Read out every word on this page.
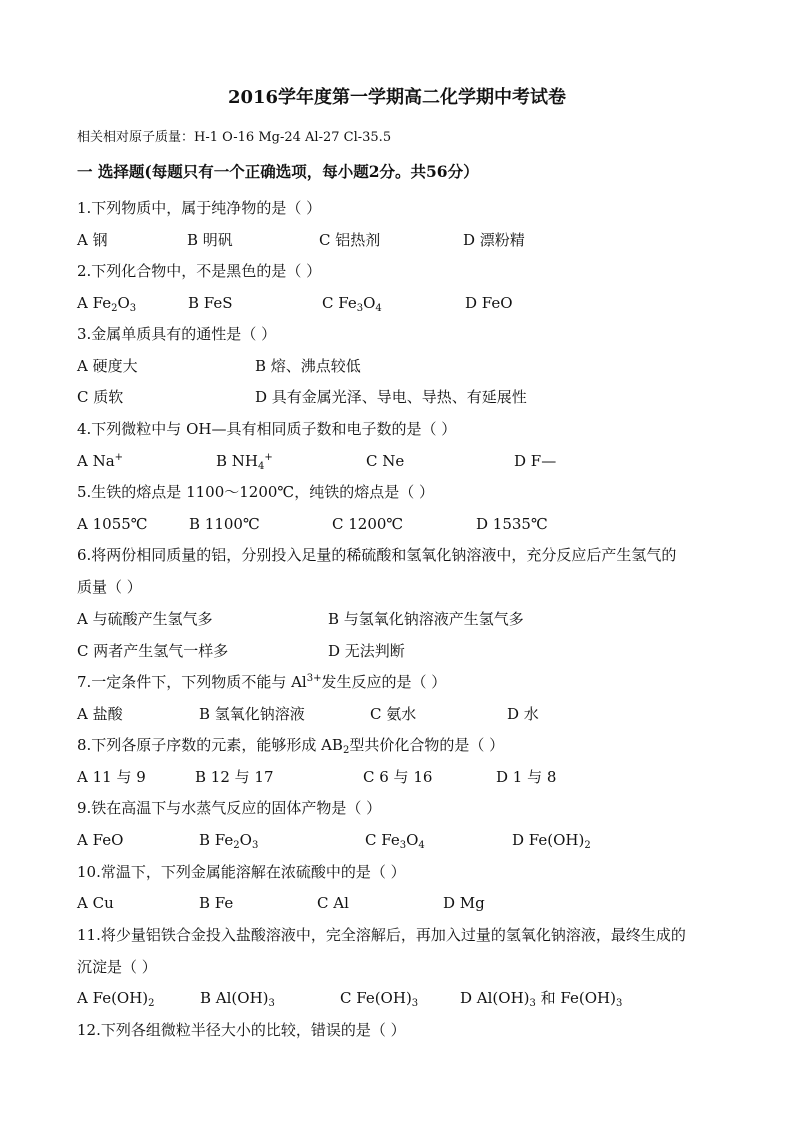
2016学年度第一学期高二化学期中考试卷
相关相对原子质量：H-1 O-16 Mg-24 Al-27 Cl-35.5
一 选择题(每题只有一个正确选项，每小题2分。共56分）
1.下列物质中，属于纯净物的是（ ）
A 钢	B 明矾	C 铝热剂	D 漂粉精
2.下列化合物中，不是黑色的是（ ）
A $Fe_2O_3$	B FeS	C $Fe_3O_4$	D FeO
3.金属单质具有的通性是（ ）
A 硬度大	B 熔、沸点较低
C 质软	D 具有金属光泽、导电、导热、有延展性
4.下列微粒中与 OH—具有相同质子数和电子数的是（ ）
A Na+	B $NH_4^+$	C Ne	D F—
5.生铁的熔点是 1100～1200℃，纯铁的熔点是（ ）
A 1055℃	B 1100℃	C 1200℃	D 1535℃
6.将两份相同质量的铝，分别投入足量的稀硫酸和氢氧化钠溶液中，充分反应后产生氢气的
质量（ ）
A 与硫酸产生氢气多	B 与氢氧化钠溶液产生氢气多
C 两者产生氢气一样多	D 无法判断
7.一定条件下，下列物质不能与 $Al^{3+}$发生反应的是（ ）
A 盐酸	B 氢氧化钠溶液	C 氨水	D 水
8.下列各原子序数的元素，能够形成 $AB_2$型共价化合物的是（ ）
A 11 与 9	B 12 与 17	C 6 与 16	D 1 与 8
9.铁在高温下与水蒸气反应的固体产物是（ ）
A FeO	B $Fe_2O_3$	C $Fe_3O_4$	D $Fe(OH)_2$
10.常温下，下列金属能溶解在浓硫酸中的是（ ）
A Cu	B Fe	C Al	D Mg
11.将少量铝铁合金投入盐酸溶液中，完全溶解后，再加入过量的氢氧化钠溶液，最终生成的
沉淀是（ ）
A $Fe(OH)_2$	B $Al(OH)_3$	C $Fe(OH)_3$	D $Al(OH)_3$ 和 $Fe(OH)_3$
12.下列各组微粒半径大小的比较，错误的是（ ）
